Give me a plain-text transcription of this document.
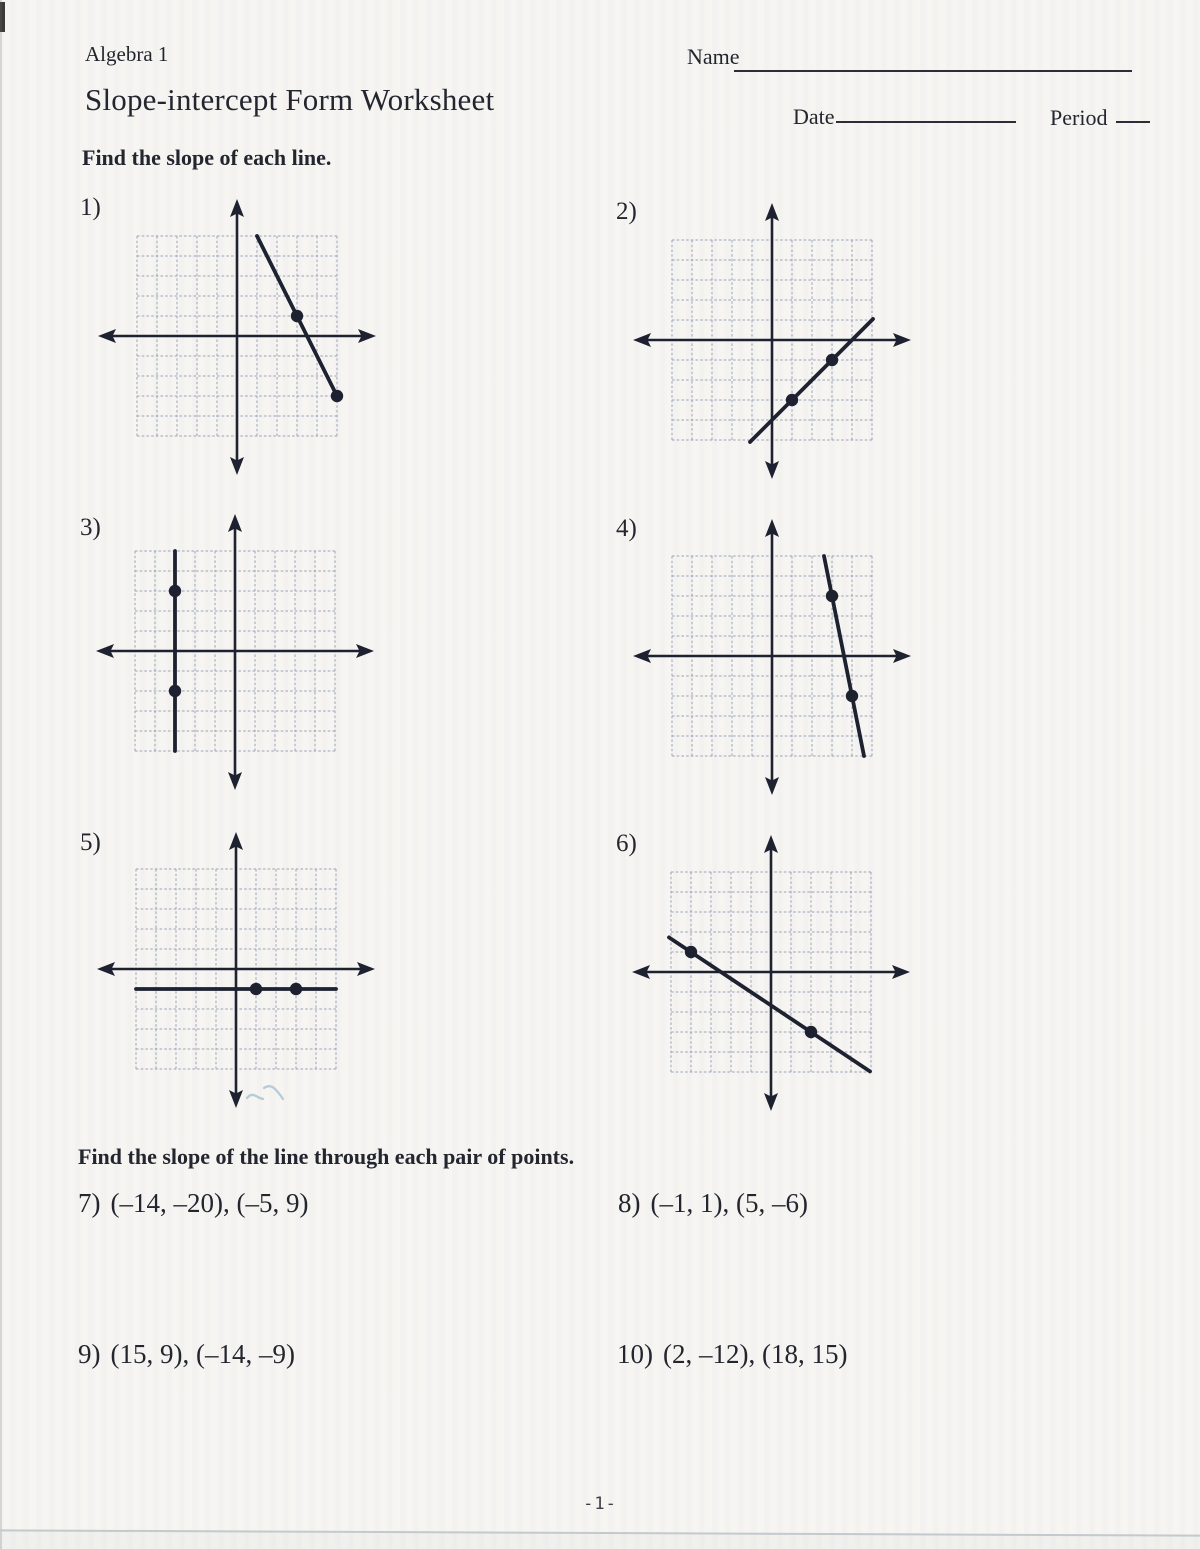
Algebra 1	Name
Slope-intercept Form Worksheet	Date	Period
Find the slope of each line.
1)	2)
3)	4)
5)	6)
Find the slope of the line through each pair of points.
7) (–14, –20), (–5, 9)	8) (–1, 1), (5, –6)
9) (15, 9), (–14, –9)	10) (2, –12), (18, 15)
-1-
